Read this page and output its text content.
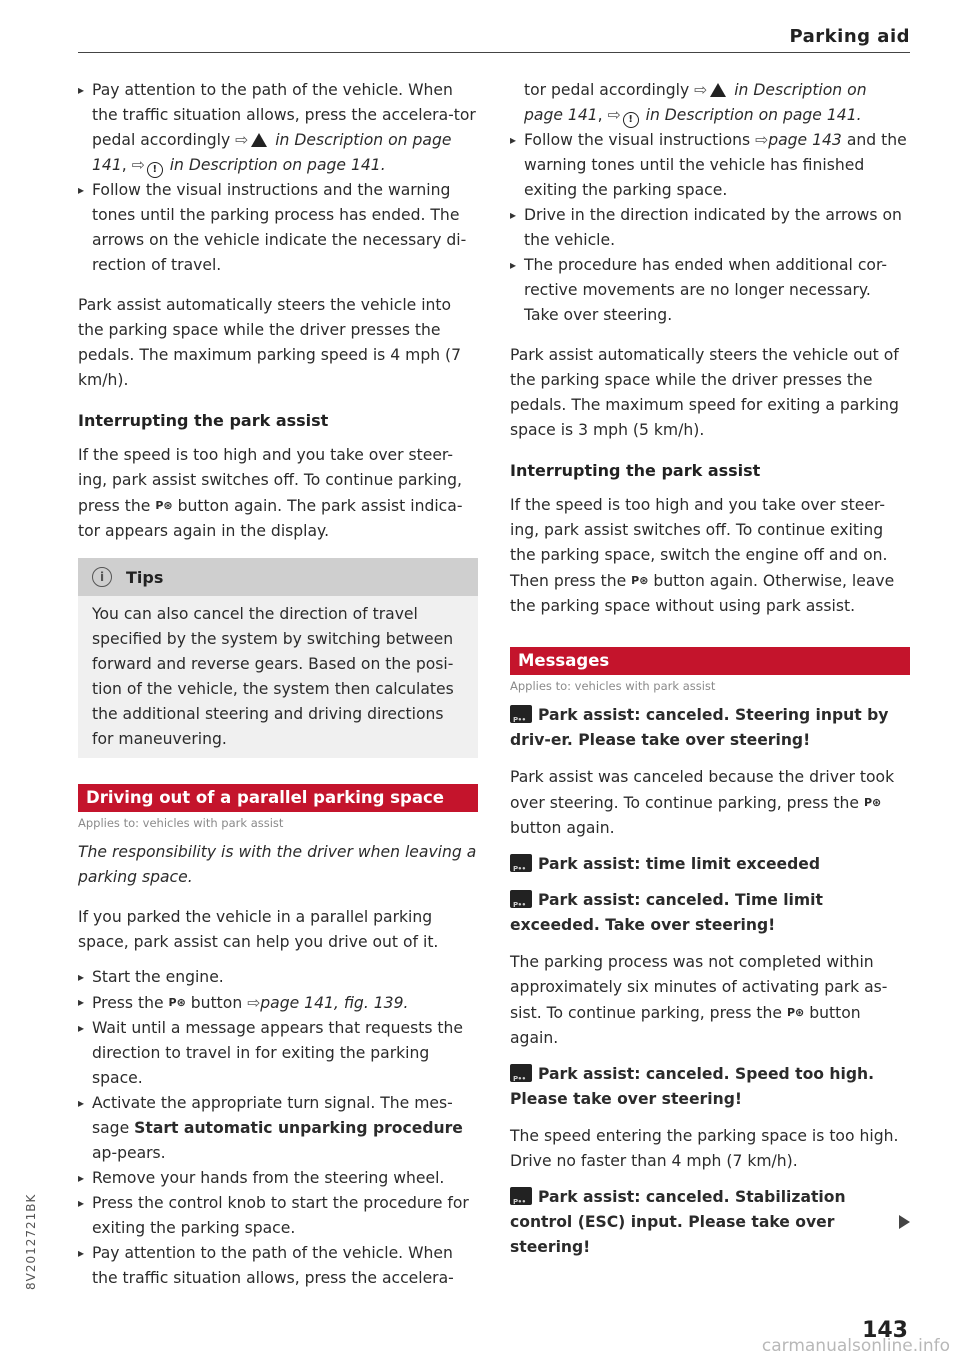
Parking aid

▸ Pay attention to the path of the vehicle. When the traffic situation allows, press the accelera-tor pedal accordingly ⇨ in Description on page 141, ⇨ ! in Description on page 141.

▸ Follow the visual instructions and the warning tones until the parking process has ended. The arrows on the vehicle indicate the necessary di-rection of travel.

Park assist automatically steers the vehicle into the parking space while the driver presses the pedals. The maximum parking speed is 4 mph (7 km/h).

Interrupting the park assist

If the speed is too high and you take over steer-ing, park assist switches off. To continue parking, press the P⊛ button again. The park assist indica-tor appears again in the display.

i	Tips

You can also cancel the direction of travel specified by the system by switching between forward and reverse gears. Based on the posi-tion of the vehicle, the system then calculates the additional steering and driving directions for maneuvering.

Driving out of a parallel parking space
Applies to: vehicles with park assist

The responsibility is with the driver when leaving a parking space.

If you parked the vehicle in a parallel parking space, park assist can help you drive out of it.

▸ Start the engine.

▸ Press the P⊛ button ⇨page 141, fig. 139.

▸ Wait until a message appears that requests the direction to travel in for exiting the parking space.

▸ Activate the appropriate turn signal. The mes-sage Start automatic unparking procedure ap-pears.

▸ Remove your hands from the steering wheel.

▸ Press the control knob to start the procedure for exiting the parking space.

▸ Pay attention to the path of the vehicle. When the traffic situation allows, press the accelera-

tor pedal accordingly ⇨ in Description on page 141, ⇨ ! in Description on page 141.

▸ Follow the visual instructions ⇨page 143 and the warning tones until the vehicle has finished exiting the parking space.

▸ Drive in the direction indicated by the arrows on the vehicle.

▸ The procedure has ended when additional cor-rective movements are no longer necessary. Take over steering.

Park assist automatically steers the vehicle out of the parking space while the driver presses the pedals. The maximum speed for exiting a parking space is 3 mph (5 km/h).

Interrupting the park assist

If the speed is too high and you take over steer-ing, park assist switches off. To continue exiting the parking space, switch the engine off and on. Then press the P⊛ button again. Otherwise, leave the parking space without using park assist.

Messages
Applies to: vehicles with park assist

P••Park assist: canceled. Steering input by driv-er. Please take over steering!

Park assist was canceled because the driver took over steering. To continue parking, press the P⊛ button again.

P••Park assist: time limit exceeded

P••Park assist: canceled. Time limit exceeded. Take over steering!

The parking process was not completed within approximately six minutes of activating park as-sist. To continue parking, press the P⊛ button again.

P••Park assist: canceled. Speed too high. Please take over steering!

The speed entering the parking space is too high. Drive no faster than 4 mph (7 km/h).

P••Park assist: canceled. Stabilization control (ESC) input. Please take over steering!

143
8V2012721BK
carmanualsonline.info
